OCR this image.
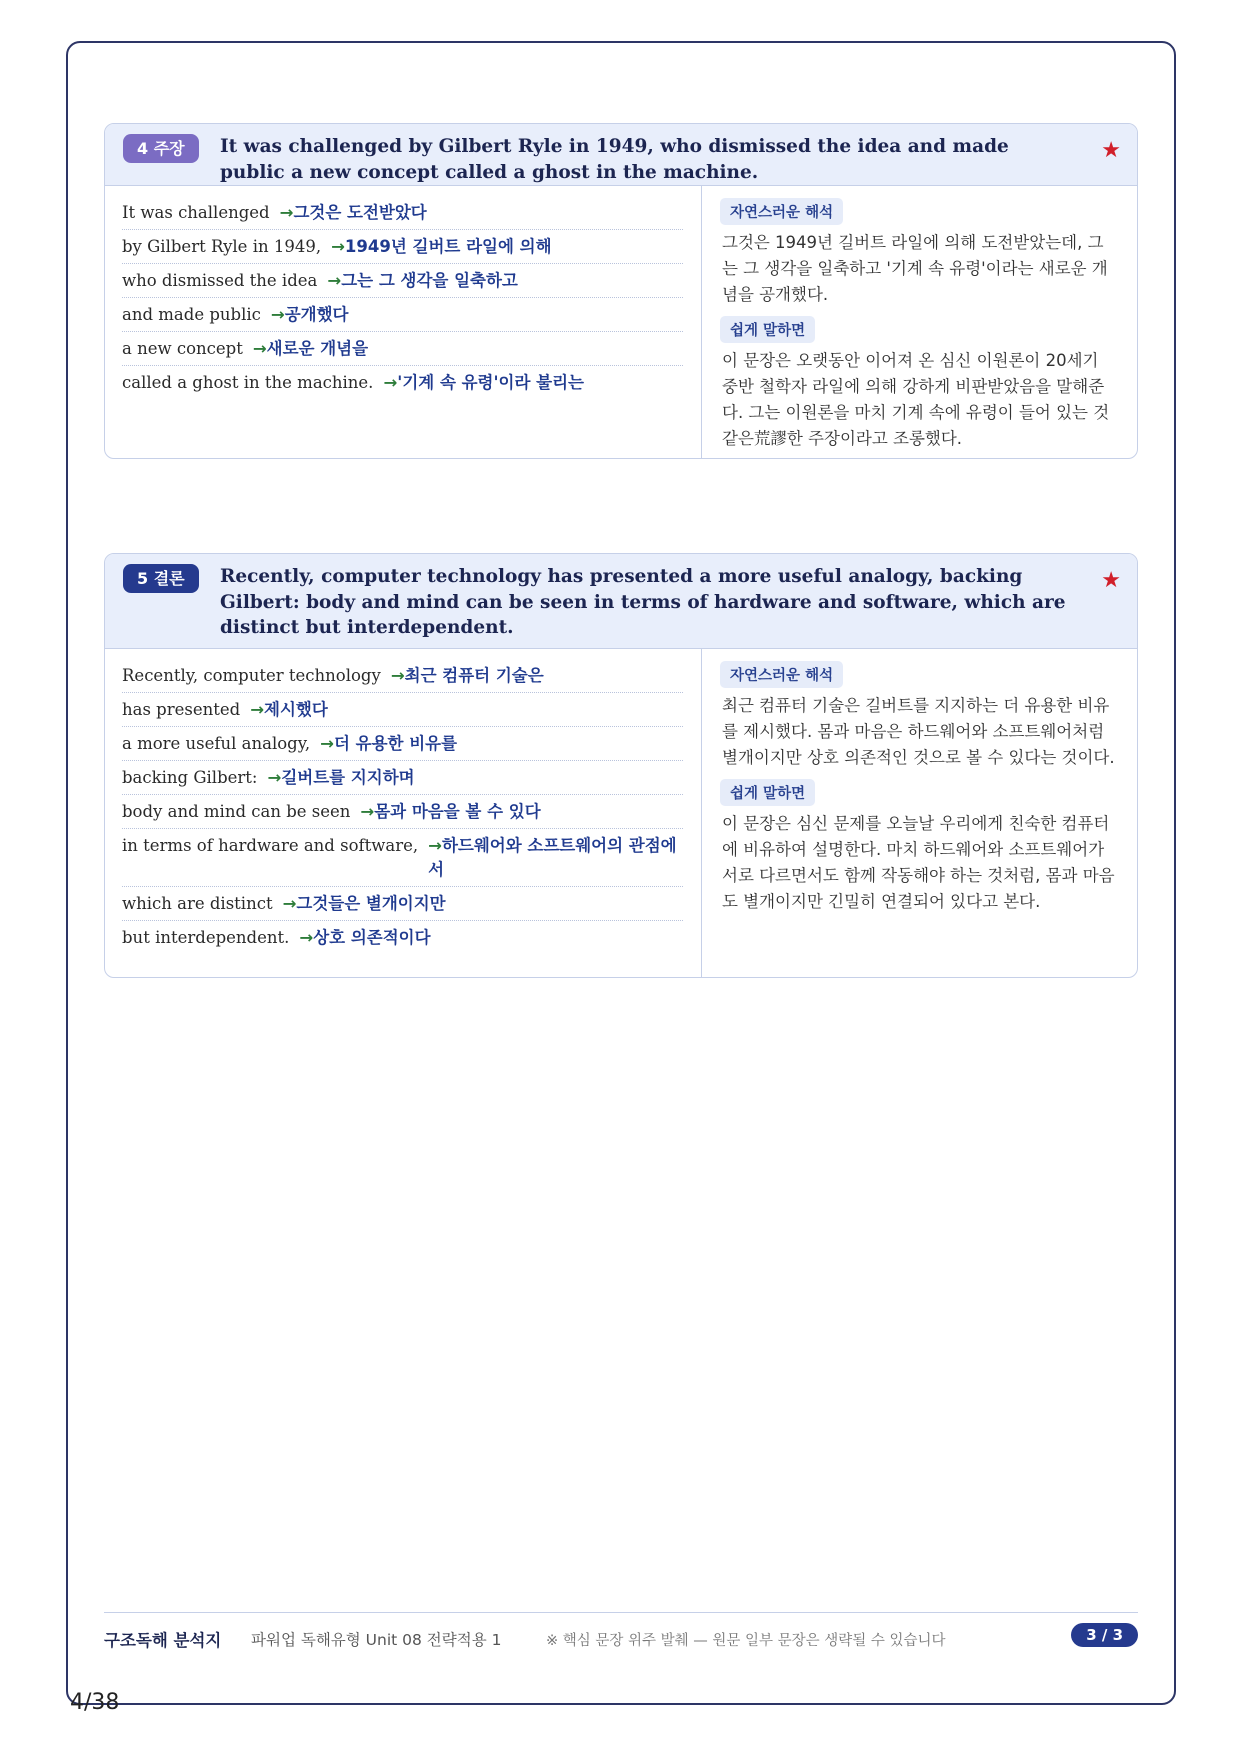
4 주장	It was challenged by Gilbert Ryle in 1949, who dismissed the idea and made public a new concept called a ghost in the machine.
★
It was challenged →그것은 도전받았다
by Gilbert Ryle in 1949, →1949년 길버트 라일에 의해
who dismissed the idea →그는 그 생각을 일축하고
and made public →공개했다
a new concept →새로운 개념을
called a ghost in the machine. →'기계 속 유령'이라 불리는
자연스러운 해석

그것은 1949년 길버트 라일에 의해 도전받았는데, 그는 그 생각을 일축하고 '기계 속 유령'이라는 새로운 개념을 공개했다.

쉽게 말하면

이 문장은 오랫동안 이어져 온 심신 이원론이 20세기 중반 철학자 라일에 의해 강하게 비판받았음을 말해준다. 그는 이원론을 마치 기계 속에 유령이 들어 있는 것 같은荒謬한 주장이라고 조롱했다.

5 결론	Recently, computer technology has presented a more useful analogy, backing Gilbert: body and mind can be seen in terms of hardware and software, which are distinct but interdependent.
★
Recently, computer technology →최근 컴퓨터 기술은
has presented →제시했다
a more useful analogy, →더 유용한 비유를
backing Gilbert: →길버트를 지지하며
body and mind can be seen →몸과 마음을 볼 수 있다
in terms of hardware and software, →하드웨어와 소프트웨어의 관점에서
which are distinct →그것들은 별개이지만
but interdependent. →상호 의존적이다
자연스러운 해석

최근 컴퓨터 기술은 길버트를 지지하는 더 유용한 비유를 제시했다. 몸과 마음은 하드웨어와 소프트웨어처럼 별개이지만 상호 의존적인 것으로 볼 수 있다는 것이다.

쉽게 말하면

이 문장은 심신 문제를 오늘날 우리에게 친숙한 컴퓨터에 비유하여 설명한다. 마치 하드웨어와 소프트웨어가 서로 다르면서도 함께 작동해야 하는 것처럼, 몸과 마음도 별개이지만 긴밀히 연결되어 있다고 본다.

구조독해 분석지 파워업 독해유형 Unit 08 전략적용 1	※ 핵심 문장 위주 발췌 — 원문 일부 문장은 생략될 수 있습니다	3 / 3
4/38
